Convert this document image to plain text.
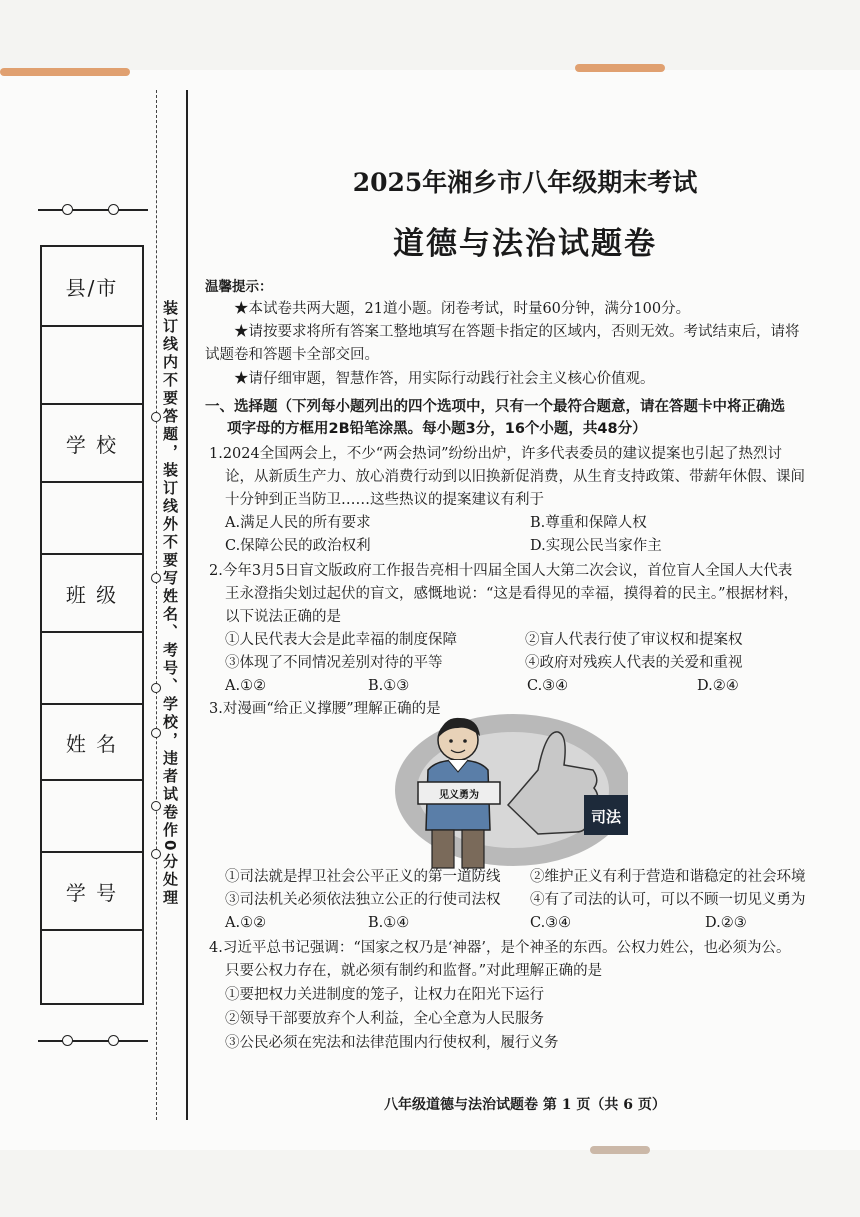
县/市
学 校
班 级
姓 名
学 号	装订线内不要答题，装订线外不要写姓名、考号、学校，违者试卷作0分处理
2025年湘乡市八年级期末考试
道德与法治试题卷
温馨提示：
★本试卷共两大题，21道小题。闭卷考试，时量60分钟，满分100分。
★请按要求将所有答案工整地填写在答题卡指定的区域内，否则无效。考试结束后，请将
试题卷和答题卡全部交回。
★请仔细审题，智慧作答，用实际行动践行社会主义核心价值观。
一、选择题（下列每小题列出的四个选项中，只有一个最符合题意，请在答题卡中将正确选
项字母的方框用2B铅笔涂黑。每小题3分，16个小题，共48分）
1.2024全国两会上，不少“两会热词”纷纷出炉，许多代表委员的建议提案也引起了热烈讨
论，从新质生产力、放心消费行动到以旧换新促消费，从生育支持政策、带薪年休假、课间
十分钟到正当防卫……这些热议的提案建议有利于
A.满足人民的所有要求	B.尊重和保障人权
C.保障公民的政治权利	D.实现公民当家作主
2.今年3月5日盲文版政府工作报告亮相十四届全国人大第二次会议，首位盲人全国人大代表
王永澄指尖划过起伏的盲文，感慨地说：“这是看得见的幸福，摸得着的民主。”根据材料，
以下说法正确的是
①人民代表大会是此幸福的制度保障	②盲人代表行使了审议权和提案权
③体现了不同情况差别对待的平等	④政府对残疾人代表的关爱和重视
A.①②	B.①③	C.③④	D.②④
3.对漫画“给正义撑腰”理解正确的是
见义勇为
司法
①司法就是捍卫社会公平正义的第一道防线 ②维护正义有利于营造和谐稳定的社会环境
③司法机关必须依法独立公正的行使司法权 ④有了司法的认可，可以不顾一切见义勇为
A.①②	B.①④	C.③④	D.②③
4.习近平总书记强调：“国家之权乃是‘神器’，是个神圣的东西。公权力姓公，也必须为公。
只要公权力存在，就必须有制约和监督。”对此理解正确的是
①要把权力关进制度的笼子，让权力在阳光下运行
②领导干部要放弃个人利益，全心全意为人民服务
③公民必须在宪法和法律范围内行使权利，履行义务
八年级道德与法治试题卷 第 1 页（共 6 页）
